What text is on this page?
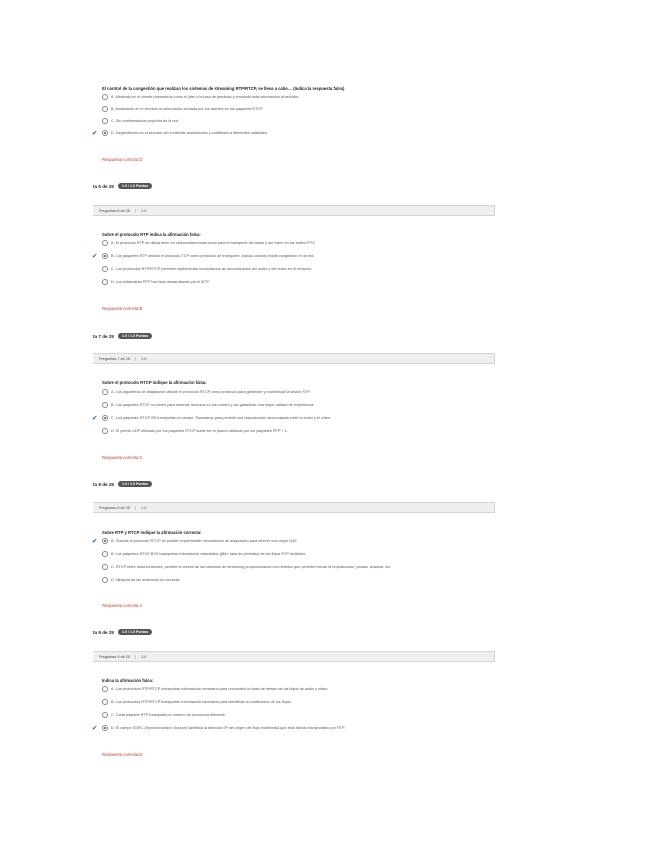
El control de la congestión que realizan los sistemas de streaming RTP/RTCP, se lleva a cabo… (Indica la respuesta falsa)
A. Midiendo en el cliente parámetros como el jitter o la tasa de pérdidas y enviando esta información al servidor.
B. Analizando en el servidor la información enviada por los clientes en los paquetes RTCP.
C. Sin realimentación explícita de la red.
✔	D. Dependiendo en el servidor del contenido almacenado y codificado a diferentes calidades.
Respuesta correcta:D
ta 6 de 25	1.0 / 1.0 Puntos
Preguntas 6 de 25	1.0
Sobre el protocolo RTP indica la afirmación falsa:
A. El protocolo RTP se utiliza tanto en videoconferencias como para el transporte del audio y del vídeo en las redes IPTV.
✔	B. Los paquetes RTP utilizan el protocolo TCP como protocolo de transporte, incluso cuando existe congestión en la red.
C. Los protocolos RTP/RTCP permiten implementar mecanismos de sincronización del audio y del vídeo en el receptor.
D. Los estándares RTP han sido desarrollados por el IETF.
Respuesta correcta:B
ta 7 de 25	1.0 / 1.0 Puntos
Preguntas 7 de 25	1.0
Sobre el protocolo RTCP indique la afirmación falsa:
A. Los algoritmos de adaptación utilizan el protocolo RTCP como protocolo para gestionar y monitorizar la sesión RTP.
B. Los paquetes RTCP no sirven para reservar recursos en los routers y así garantizar una mejor calidad de experiencia.
✔	C. Los paquetes RTCP SR transportan el campo. Timestamp para permitir una reproducción sincronizada entre el audio y el vídeo.
D. El puerto UDP utilizado por los paquetes RTCP suele ser el puerto utilizado por los paquetes RTP + 1.
Respuesta correcta:C
ta 8 de 25	1.0 / 1.0 Puntos
Preguntas 8 de 25	1.0
Sobre RTP y RTCP indique la afirmación correcta:
✔	A. Gracias al protocolo RTCP se pueden implementar mecanismos de adaptación para ofrecer una mejor QoE.
B. Los paquetes RTCP BYE transportan información estadística (jitter, tasa de pérdidas) de los flujos RTP recibidos.
C. RTCP entre otras funciones, permite el control de las sesiones de streaming proporcionando los métodos que permiten iniciar la reproducción, pausar, avanzar, etc.
D. Ninguna de las anteriores es correcta.
Respuesta correcta:A
ta 9 de 25	1.0 / 1.0 Puntos
Preguntas 9 de 25	1.0
Indica la afirmación falsa:
A. Los protocolos RTP/RTCP transportan información necesaria para reconstruir la base de tiempo de los flujos de audio y vídeo.
B. Los protocolos RTP/RTCP transportan información necesaria para identificar la codificación de los flujos.
C. Cada paquete RTP transporta un número de secuencia diferente.
✔	D. El campo SSRC (Synchronization Source) identifica la dirección IP del origen del flujo multimedia que está siendo transportado por RTP.
Respuesta correcta:D
